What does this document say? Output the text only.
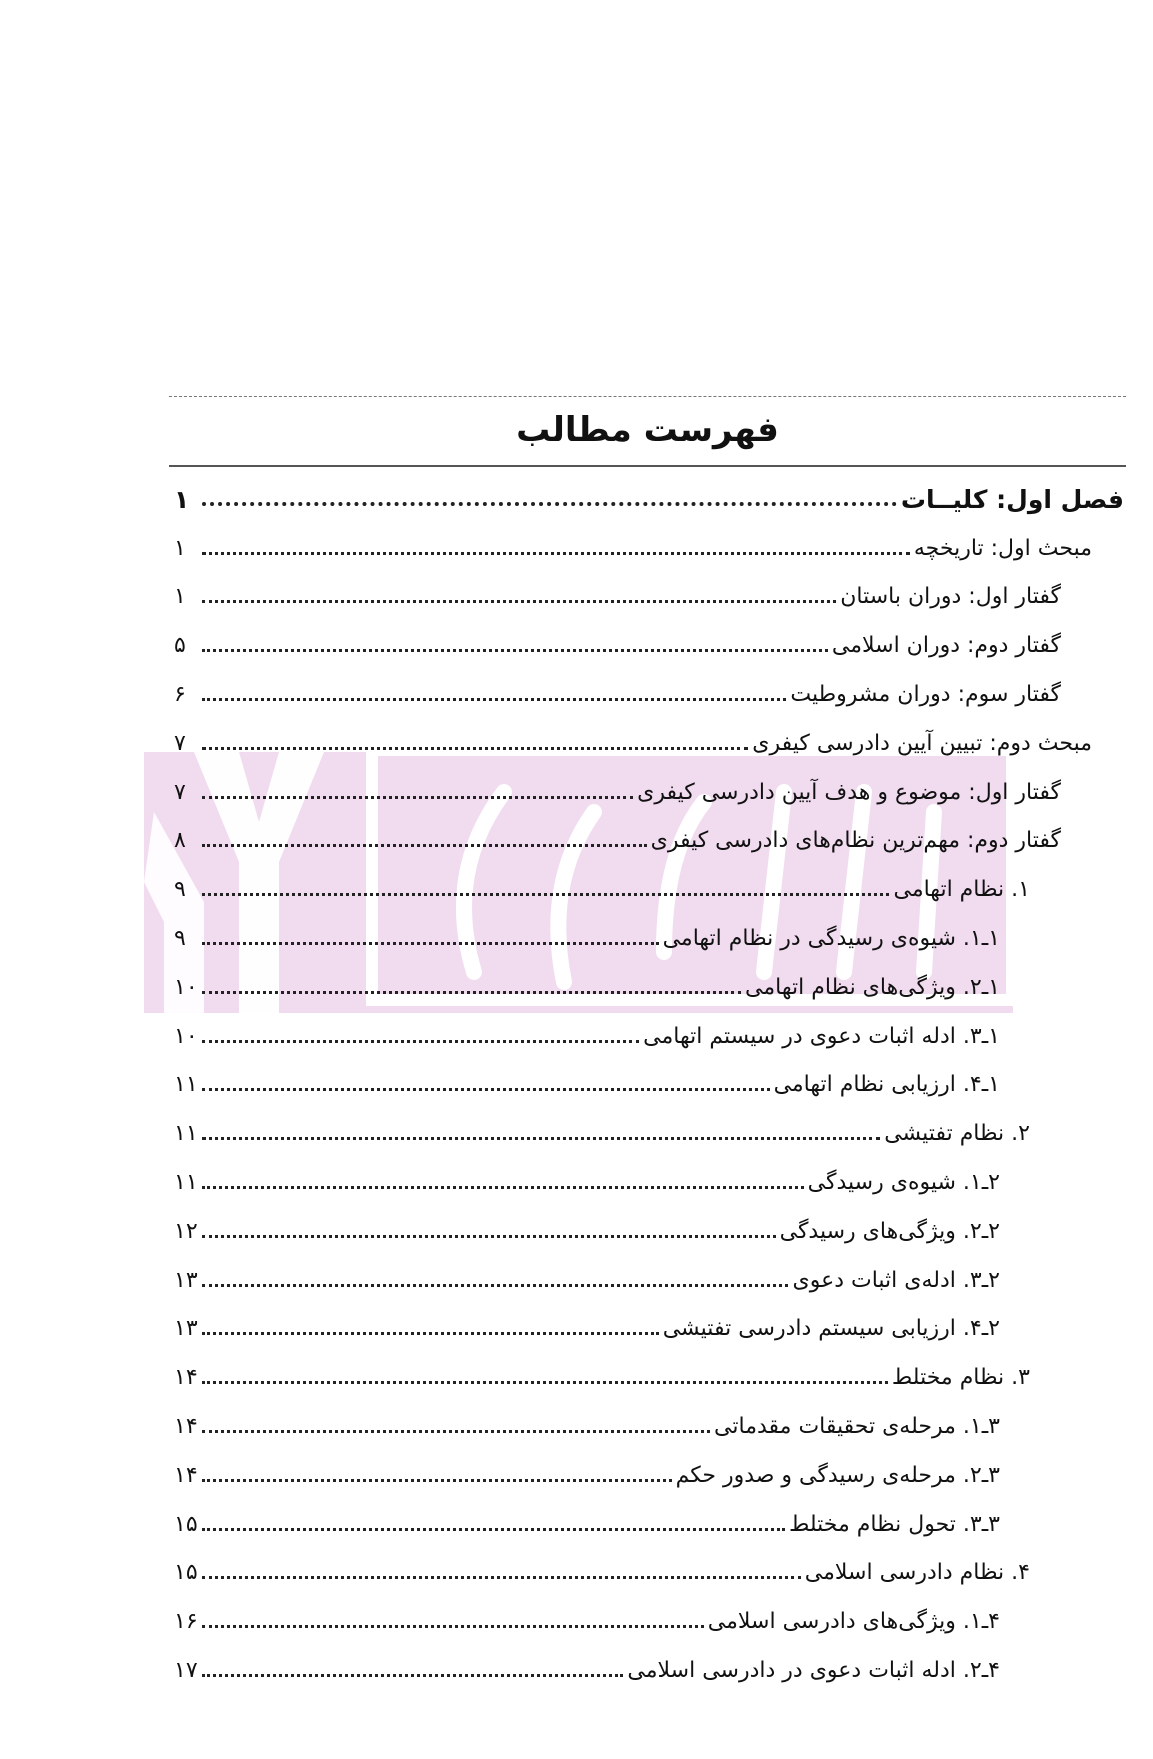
فهرست مطالب
فصل اول: کلیــات
۱
مبحث اول: تاریخچه
۱
گفتار اول: دوران باستان
۱
گفتار دوم: دوران اسلامی
۵
گفتار سوم: دوران مشروطیت
۶
مبحث دوم: تبیین آیین دادرسی کیفری
۷
گفتار اول: موضوع و هدف آیین دادرسی کیفری
۷
گفتار دوم: مهم‌ترین نظام‌های دادرسی کیفری
۸
۱. نظام اتهامی
۹
۱ـ۱. شیوه‌ی رسیدگی در نظام اتهامی
۹
۱ـ۲. ویژگی‌های نظام اتهامی
۱۰
۱ـ۳. ادله اثبات دعوی در سیستم اتهامی
۱۰
۱ـ۴. ارزیابی نظام اتهامی
۱۱
۲. نظام تفتیشی
۱۱
۲ـ۱. شیوه‌ی رسیدگی
۱۱
۲ـ۲. ویژگی‌های رسیدگی
۱۲
۲ـ۳. ادله‌ی اثبات دعوی
۱۳
۲ـ۴. ارزیابی سیستم دادرسی تفتیشی
۱۳
۳. نظام مختلط
۱۴
۳ـ۱. مرحله‌ی تحقیقات مقدماتی
۱۴
۳ـ۲. مرحله‌ی رسیدگی و صدور حکم
۱۴
۳ـ۳. تحول نظام مختلط
۱۵
۴. نظام دادرسی اسلامی
۱۵
۴ـ۱. ویژگی‌های دادرسی اسلامی
۱۶
۴ـ۲. ادله اثبات دعوی در دادرسی اسلامی
۱۷
